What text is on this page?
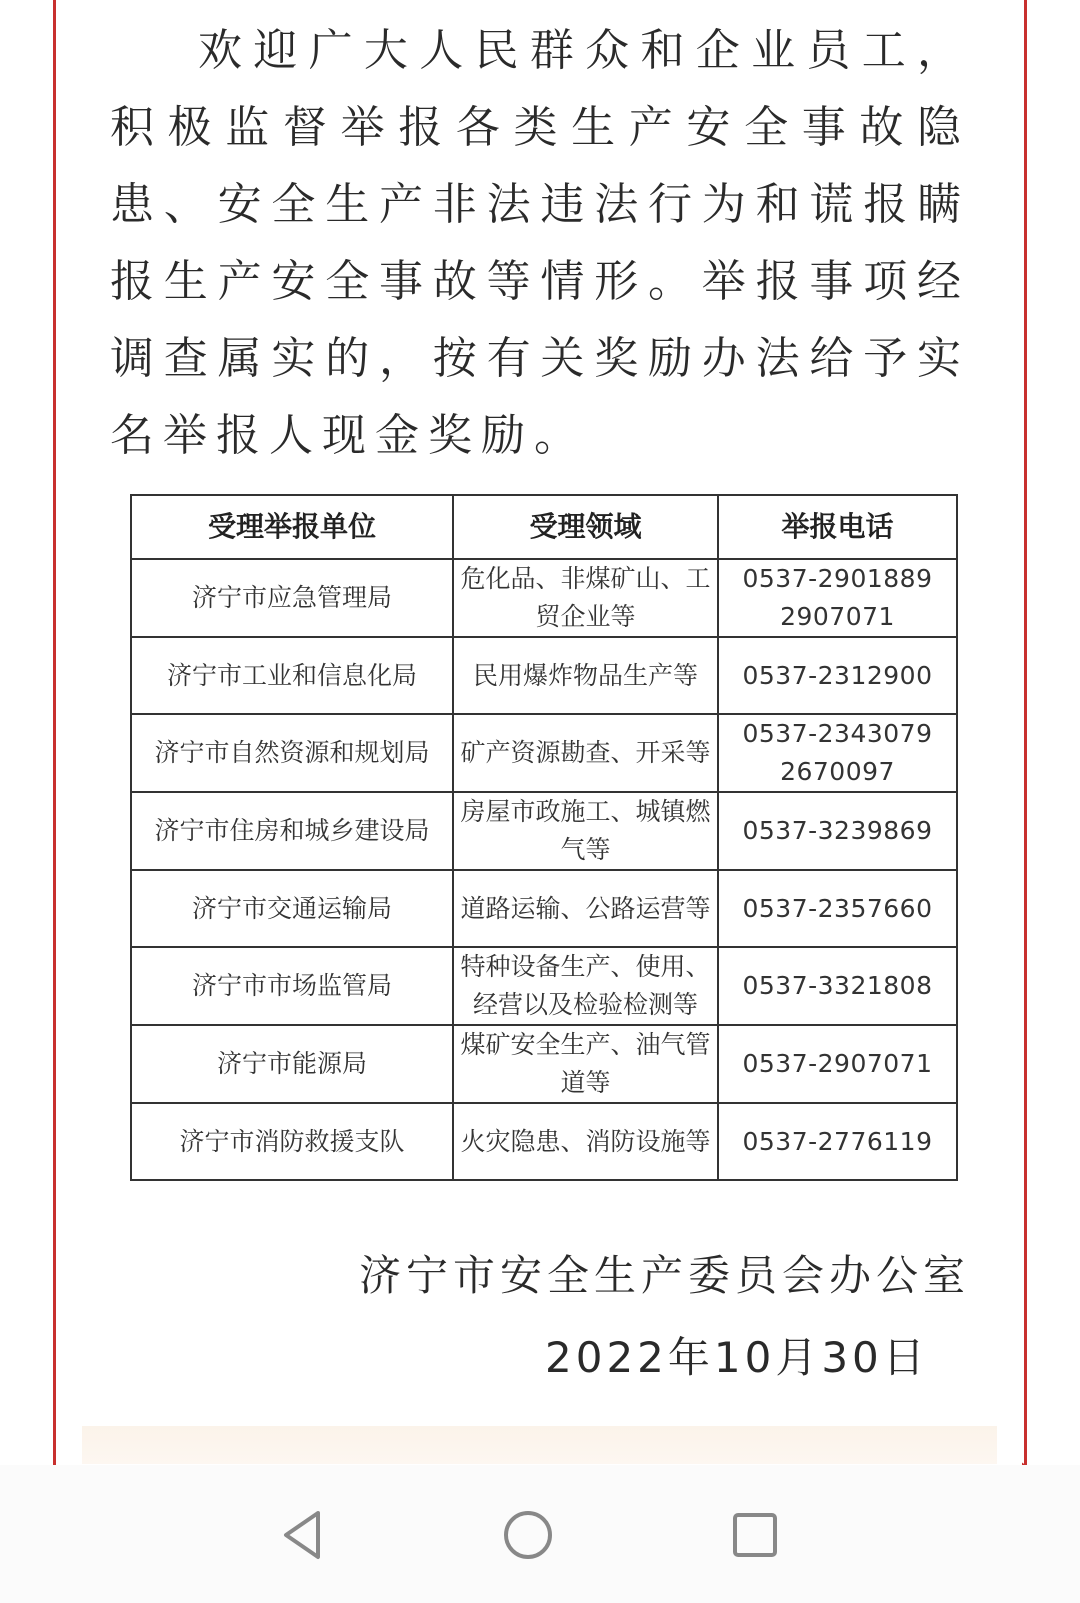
欢迎广大人民群众和企业员工，积极监督举报各类生产安全事故隐患、安全生产非法违法行为和谎报瞒报生产安全事故等情形。举报事项经调查属实的，按有关奖励办法给予实名举报人现金奖励。

受理举报单位	受理领域	举报电话
济宁市应急管理局	危化品、非煤矿山、工贸企业等	0537-2901889
2907071

济宁市工业和信息化局	民用爆炸物品生产等	0537-2312900

济宁市自然资源和规划局	矿产资源勘查、开采等	0537-2343079
2670097

济宁市住房和城乡建设局	房屋市政施工、城镇燃气等	0537-3239869

济宁市交通运输局	道路运输、公路运营等	0537-2357660

济宁市市场监管局	特种设备生产、使用、经营以及检验检测等	0537-3321808

济宁市能源局	煤矿安全生产、油气管道等	0537-2907071

济宁市消防救援支队	火灾隐患、消防设施等	0537-2776119
济宁市安全生产委员会办公室
2022年10月30日
